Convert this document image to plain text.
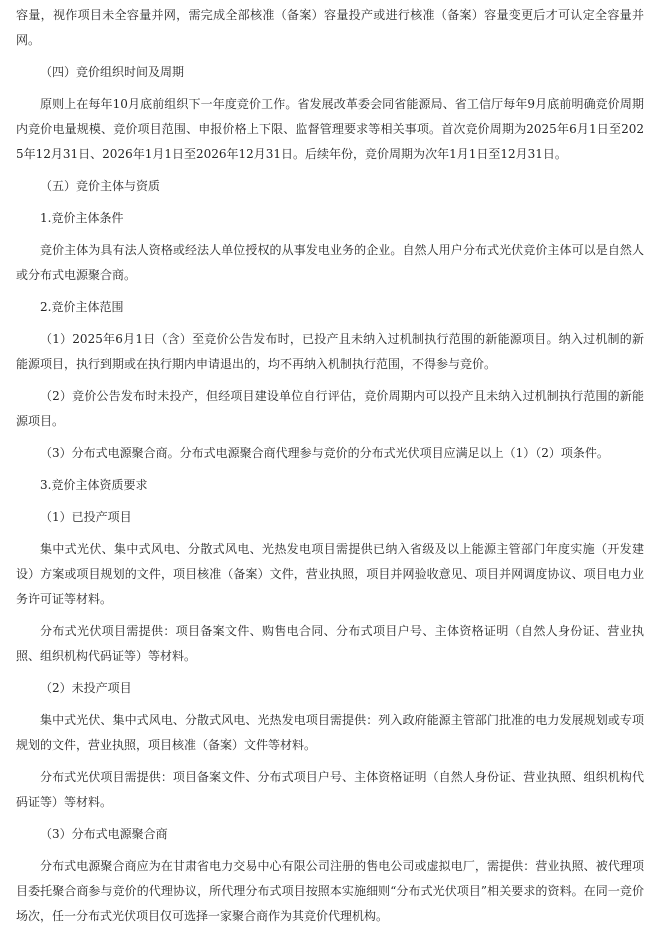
容量，视作项目未全容量并网，需完成全部核准（备案）容量投产或进行核准（备案）容量变更后才可认定全容量并网。

（四）竞价组织时间及周期

原则上在每年10月底前组织下一年度竞价工作。省发展改革委会同省能源局、省工信厅每年9月底前明确竞价周期内竞价电量规模、竞价项目范围、申报价格上下限、监督管理要求等相关事项。首次竞价周期为2025年6月1日至2025年12月31日、2026年1月1日至2026年12月31日。后续年份，竞价周期为次年1月1日至12月31日。

（五）竞价主体与资质

1.竞价主体条件

竞价主体为具有法人资格或经法人单位授权的从事发电业务的企业。自然人用户分布式光伏竞价主体可以是自然人或分布式电源聚合商。

2.竞价主体范围

（1）2025年6月1日（含）至竞价公告发布时，已投产且未纳入过机制执行范围的新能源项目。纳入过机制的新能源项目，执行到期或在执行期内申请退出的，均不再纳入机制执行范围，不得参与竞价。

（2）竞价公告发布时未投产，但经项目建设单位自行评估，竞价周期内可以投产且未纳入过机制执行范围的新能源项目。

（3）分布式电源聚合商。分布式电源聚合商代理参与竞价的分布式光伏项目应满足以上（1）（2）项条件。

3.竞价主体资质要求

（1）已投产项目

集中式光伏、集中式风电、分散式风电、光热发电项目需提供已纳入省级及以上能源主管部门年度实施（开发建设）方案或项目规划的文件，项目核准（备案）文件，营业执照，项目并网验收意见、项目并网调度协议、项目电力业务许可证等材料。

分布式光伏项目需提供：项目备案文件、购售电合同、分布式项目户号、主体资格证明（自然人身份证、营业执照、组织机构代码证等）等材料。

（2）未投产项目

集中式光伏、集中式风电、分散式风电、光热发电项目需提供：列入政府能源主管部门批准的电力发展规划或专项规划的文件，营业执照，项目核准（备案）文件等材料。

分布式光伏项目需提供：项目备案文件、分布式项目户号、主体资格证明（自然人身份证、营业执照、组织机构代码证等）等材料。

（3）分布式电源聚合商

分布式电源聚合商应为在甘肃省电力交易中心有限公司注册的售电公司或虚拟电厂，需提供：营业执照、被代理项目委托聚合商参与竞价的代理协议，所代理分布式项目按照本实施细则“分布式光伏项目”相关要求的资料。在同一竞价场次，任一分布式光伏项目仅可选择一家聚合商作为其竞价代理机构。
